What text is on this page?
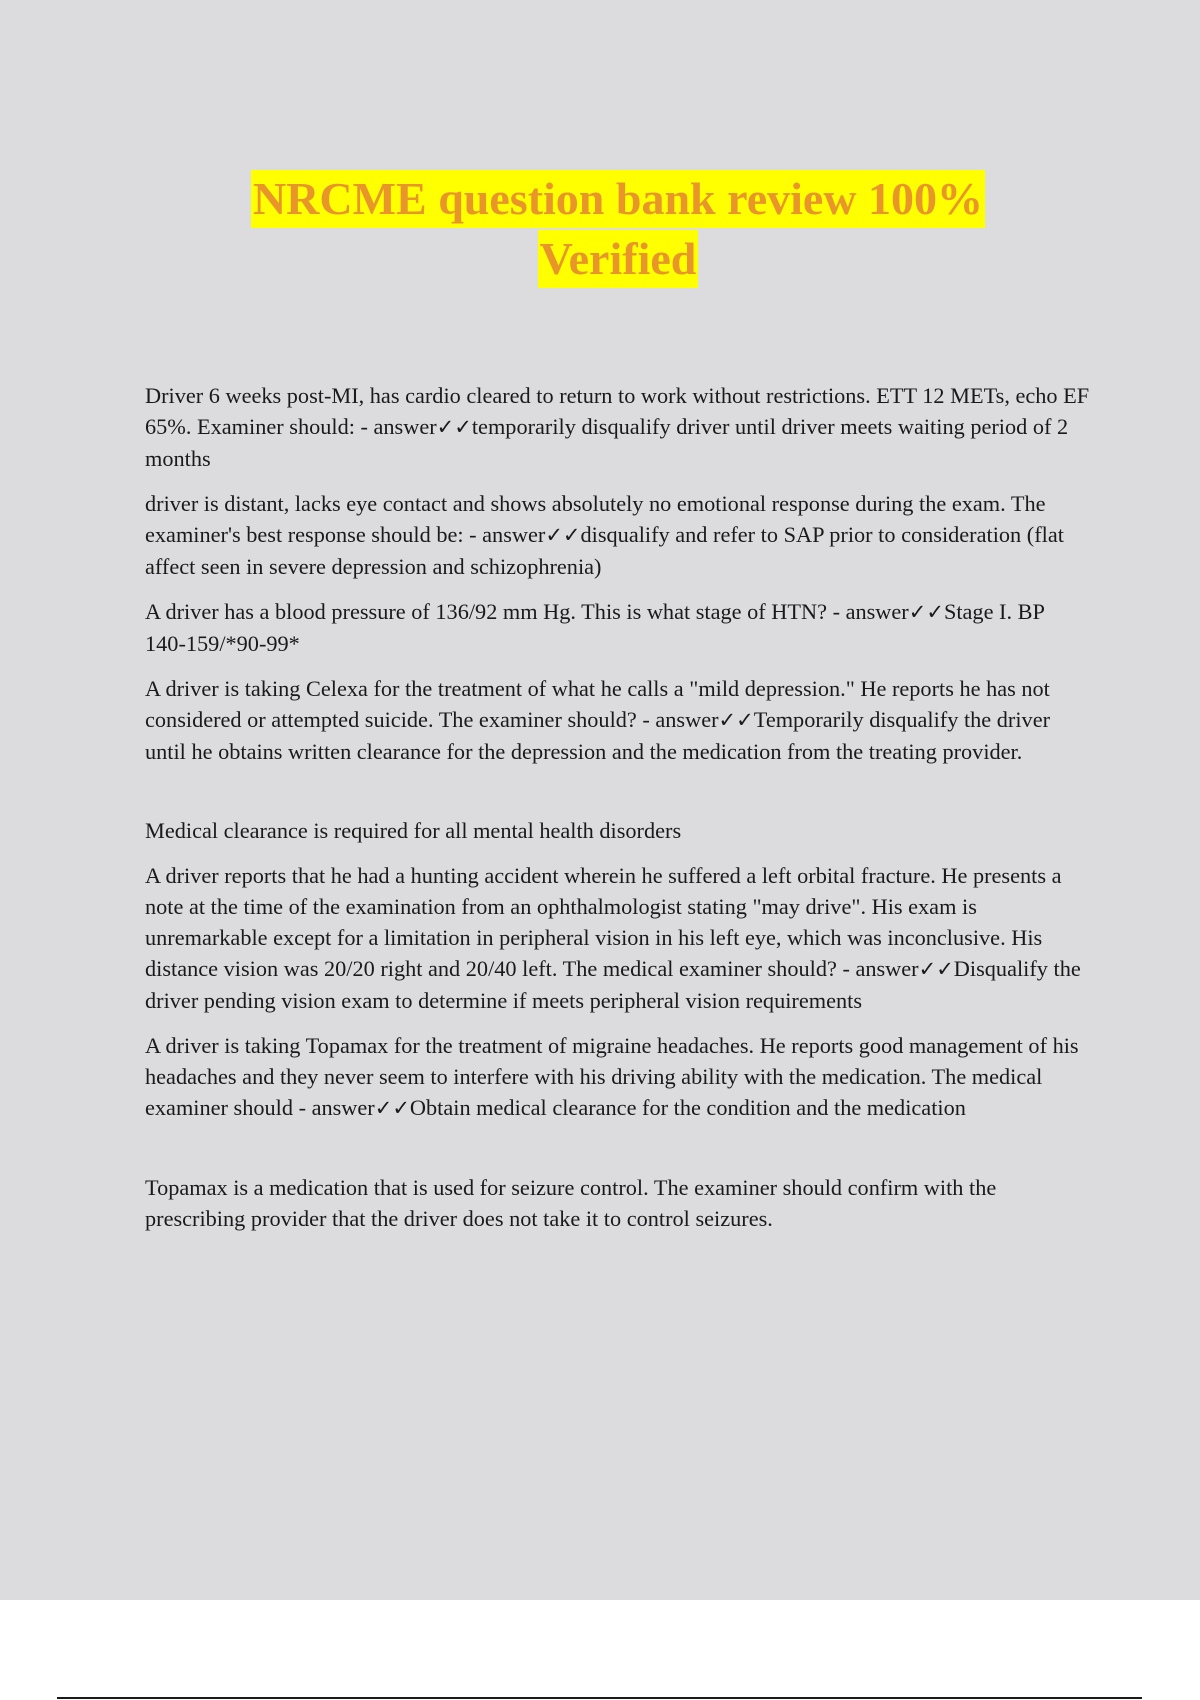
NRCME question bank review 100%
Verified

Driver 6 weeks post-MI, has cardio cleared to return to work without restrictions. ETT 12 METs, echo EF 65%. Examiner should: - answer✓✓temporarily disqualify driver until driver meets waiting period of 2 months

driver is distant, lacks eye contact and shows absolutely no emotional response during the exam. The examiner's best response should be: - answer✓✓disqualify and refer to SAP prior to consideration (flat affect seen in severe depression and schizophrenia)

A driver has a blood pressure of 136/92 mm Hg. This is what stage of HTN? - answer✓✓Stage I. BP 140-159/*90-99*

A driver is taking Celexa for the treatment of what he calls a "mild depression." He reports he has not considered or attempted suicide. The examiner should? - answer✓✓Temporarily disqualify the driver until he obtains written clearance for the depression and the medication from the treating provider.

Medical clearance is required for all mental health disorders

A driver reports that he had a hunting accident wherein he suffered a left orbital fracture. He presents a note at the time of the examination from an ophthalmologist stating "may drive". His exam is unremarkable except for a limitation in peripheral vision in his left eye, which was inconclusive. His distance vision was 20/20 right and 20/40 left. The medical examiner should? - answer✓✓Disqualify the driver pending vision exam to determine if meets peripheral vision requirements

A driver is taking Topamax for the treatment of migraine headaches. He reports good management of his headaches and they never seem to interfere with his driving ability with the medication. The medical examiner should - answer✓✓Obtain medical clearance for the condition and the medication

Topamax is a medication that is used for seizure control. The examiner should confirm with the prescribing provider that the driver does not take it to control seizures.
